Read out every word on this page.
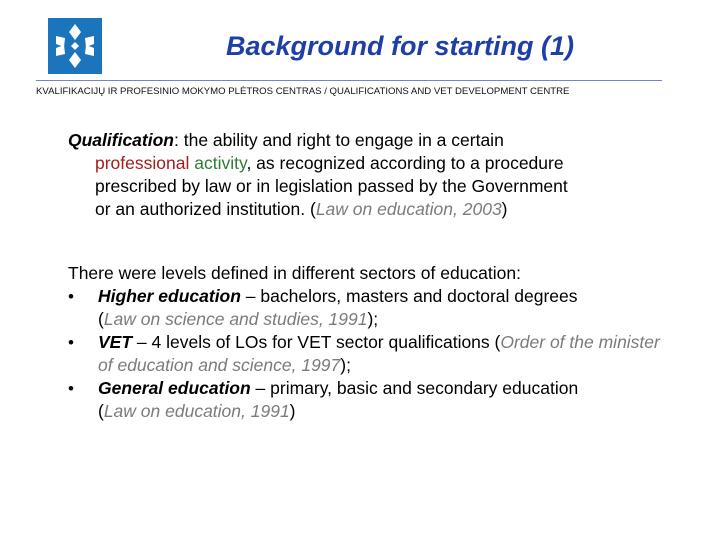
Background for starting (1)
KVALIFIKACIJŲ IR PROFESINIO MOKYMO PLĖTROS CENTRAS / QUALIFICATIONS AND VET DEVELOPMENT CENTRE

Qualification: the ability and right to engage in a certain
professional activity, as recognized according to a procedure
prescribed by law or in legislation passed by the Government
or an authorized institution. (Law on education, 2003)

There were levels defined in different sectors of education:
• Higher education – bachelors, masters and doctoral degrees
(Law on science and studies, 1991);
• VET – 4 levels of LOs for VET sector qualifications (Order of the minister of education and science, 1997);
• General education – primary, basic and secondary education
(Law on education, 1991)
